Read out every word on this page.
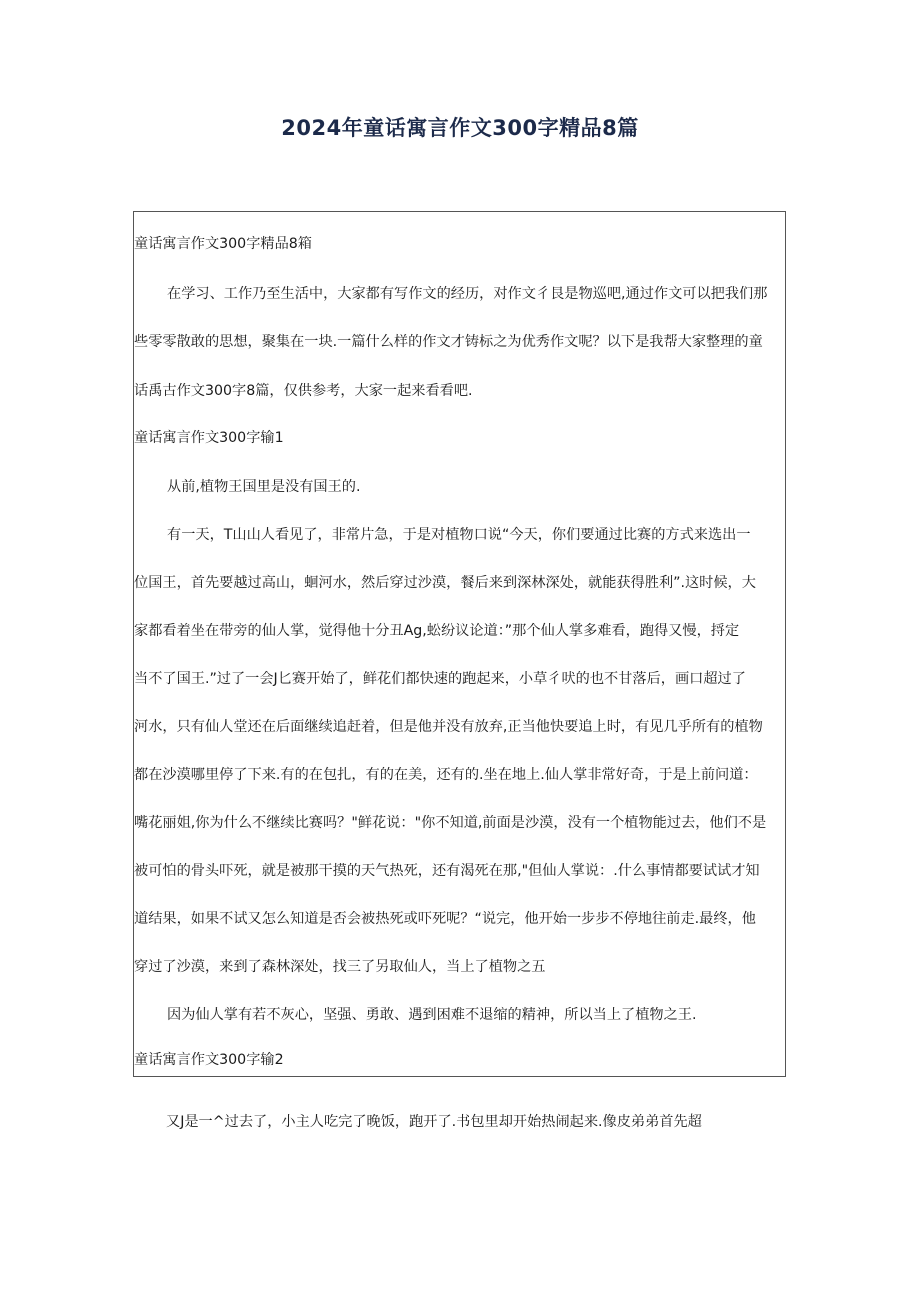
2024年童话寓言作文300字精品8篇
童话寓言作文300字精品8箱
在学习、工作乃至生活中，大家都有写作文的经历，对作文彳艮是物巡吧,通过作文可以把我们那
些零零散敢的思想，聚集在一块.一篇什么样的作文才铸标之为优秀作文呢？以下是我帮大家整理的童
话禹古作文300字8篇，仅供参考，大家一起来看看吧.
童话寓言作文300字输1
从前,植物王国里是没有国王的.
有一天，T山山人看见了，非常片急，于是对植物口说“今天，你们要通过比赛的方式来选出一
位国王，首先要越过高山，蛔河水，然后穿过沙漠，餐后来到深林深处，就能获得胜利”.这时候，大
家都看着坐在带旁的仙人掌，觉得他十分丑Ag,蚣纷议论道：”那个仙人掌多难看，跑得又慢，捋定
当不了国王.”过了一会J匕赛开始了，鲜花们都快速的跑起来，小草彳吠的也不甘落后，画口超过了
河水，只有仙人堂还在后面继续追赶着，但是他并没有放弃,正当他快要追上时，有见几乎所有的植物
都在沙漠哪里停了下来.有的在包扎，有的在美，还有的.坐在地上.仙人掌非常好奇，于是上前问道：
嘴花丽姐,你为什么不继续比赛吗？"鲜花说："你不知道,前面是沙漠，没有一个植物能过去，他们不是
被可怕的骨头吓死，就是被那干摸的天气热死，还有渴死在那,"但仙人掌说：.什么事情都要试试才知
道结果，如果不试又怎么知道是否会被热死或吓死呢？“说完，他开始一步步不停地往前走.最终，他
穿过了沙漠，来到了森林深处，找三了另取仙人，当上了植物之五
因为仙人掌有若不灰心，坚强、勇敢、遇到困难不退缩的精神，所以当上了植物之王.
童话寓言作文300字输2
又J是一^过去了，小主人吃完了晚饭，跑开了.书包里却开始热闹起来.像皮弟弟首先超
